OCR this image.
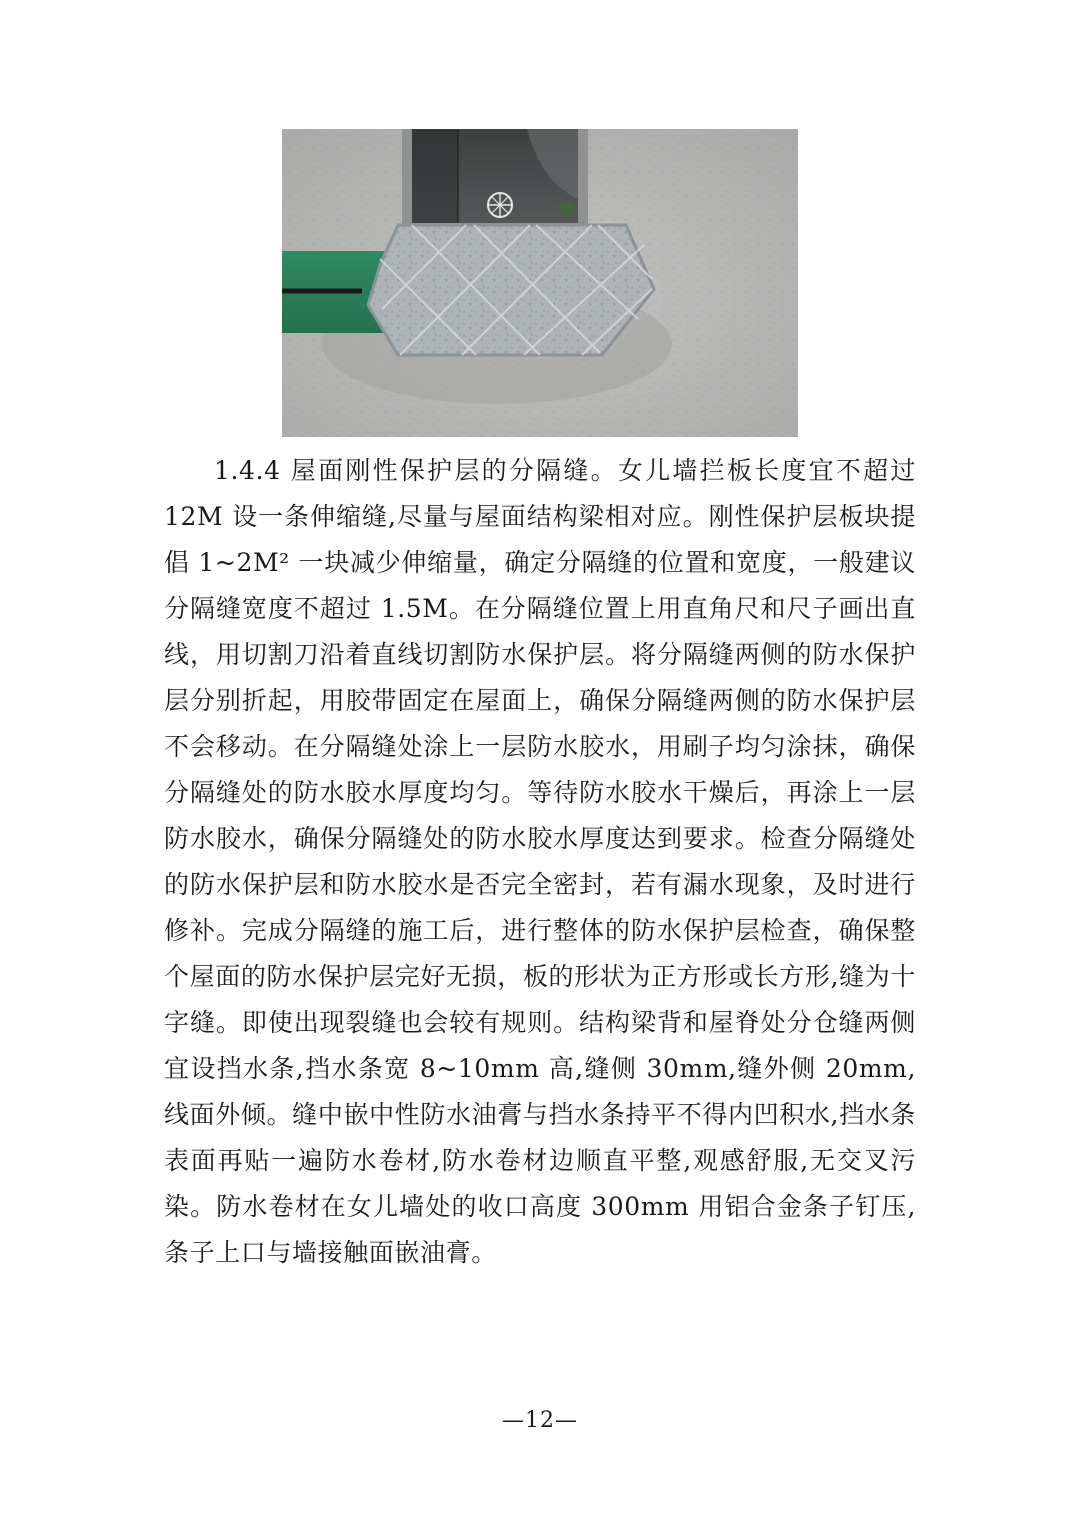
1.4.4 屋面刚性保护层的分隔缝。女儿墙拦板长度宜不超过 12M 设一条伸缩缝,尽量与屋面结构梁相对应。刚性保护层板块提倡 1~2M² 一块减少伸缩量，确定分隔缝的位置和宽度，一般建议分隔缝宽度不超过 1.5M。在分隔缝位置上用直角尺和尺子画出直线，用切割刀沿着直线切割防水保护层。将分隔缝两侧的防水保护层分别折起，用胶带固定在屋面上，确保分隔缝两侧的防水保护层不会移动。在分隔缝处涂上一层防水胶水，用刷子均匀涂抹，确保分隔缝处的防水胶水厚度均匀。等待防水胶水干燥后，再涂上一层防水胶水，确保分隔缝处的防水胶水厚度达到要求。检查分隔缝处的防水保护层和防水胶水是否完全密封，若有漏水现象，及时进行修补。完成分隔缝的施工后，进行整体的防水保护层检查，确保整个屋面的防水保护层完好无损，板的形状为正方形或长方形,缝为十字缝。即使出现裂缝也会较有规则。结构梁背和屋脊处分仓缝两侧宜设挡水条,挡水条宽 8~10mm 高,缝侧 30mm,缝外侧 20mm,线面外倾。缝中嵌中性防水油膏与挡水条持平不得内凹积水,挡水条表面再贴一遍防水卷材,防水卷材边顺直平整,观感舒服,无交叉污染。防水卷材在女儿墙处的收口高度 300mm 用铝合金条子钉压,条子上口与墙接触面嵌油膏。

—12—
